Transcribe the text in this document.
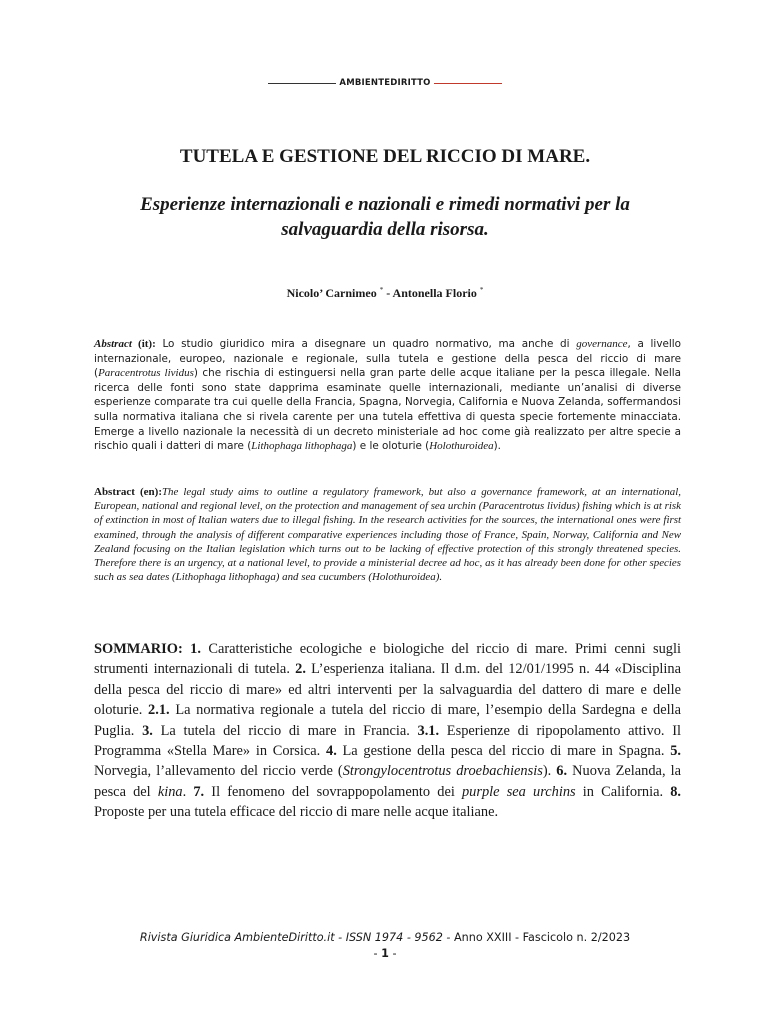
AMBIENTEDIRITTO
TUTELA E GESTIONE DEL RICCIO DI MARE.
Esperienze internazionali e nazionali e rimedi normativi per la salvaguardia della risorsa.
Nicolo’ Carnimeo * - Antonella Florio *
Abstract (it): Lo studio giuridico mira a disegnare un quadro normativo, ma anche di governance, a livello internazionale, europeo, nazionale e regionale, sulla tutela e gestione della pesca del riccio di mare (Paracentrotus lividus) che rischia di estinguersi nella gran parte delle acque italiane per la pesca illegale. Nella ricerca delle fonti sono state dapprima esaminate quelle internazionali, mediante un’analisi di diverse esperienze comparate tra cui quelle della Francia, Spagna, Norvegia, California e Nuova Zelanda, soffermandosi sulla normativa italiana che si rivela carente per una tutela effettiva di questa specie fortemente minacciata. Emerge a livello nazionale la necessità di un decreto ministeriale ad hoc come già realizzato per altre specie a rischio quali i datteri di mare (Lithophaga lithophaga) e le oloturie (Holothuroidea).
Abstract (en):The legal study aims to outline a regulatory framework, but also a governance framework, at an international, European, national and regional level, on the protection and management of sea urchin (Paracentrotus lividus) fishing which is at risk of extinction in most of Italian waters due to illegal fishing. In the research activities for the sources, the international ones were first examined, through the analysis of different comparative experiences including those of France, Spain, Norway, California and New Zealand focusing on the Italian legislation which turns out to be lacking of effective protection of this strongly threatened species. Therefore there is an urgency, at a national level, to provide a ministerial decree ad hoc, as it has already been done for other species such as sea dates (Lithophaga lithophaga) and sea cucumbers (Holothuroidea).
SOMMARIO: 1. Caratteristiche ecologiche e biologiche del riccio di mare. Primi cenni sugli strumenti internazionali di tutela. 2. L’esperienza italiana. Il d.m. del 12/01/1995 n. 44 «Disciplina della pesca del riccio di mare» ed altri interventi per la salvaguardia del dattero di mare e delle oloturie. 2.1. La normativa regionale a tutela del riccio di mare, l’esempio della Sardegna e della Puglia. 3. La tutela del riccio di mare in Francia. 3.1. Esperienze di ripopolamento attivo. Il Programma «Stella Mare» in Corsica. 4. La gestione della pesca del riccio di mare in Spagna. 5. Norvegia, l’allevamento del riccio verde (Strongylocentrotus droebachiensis). 6. Nuova Zelanda, la pesca del kina. 7. Il fenomeno del sovrappopolamento dei purple sea urchins in California. 8. Proposte per una tutela efficace del riccio di mare nelle acque italiane.
Rivista Giuridica AmbienteDiritto.it - ISSN 1974 - 9562 - Anno XXIII - Fascicolo n. 2/2023
- 1 -
